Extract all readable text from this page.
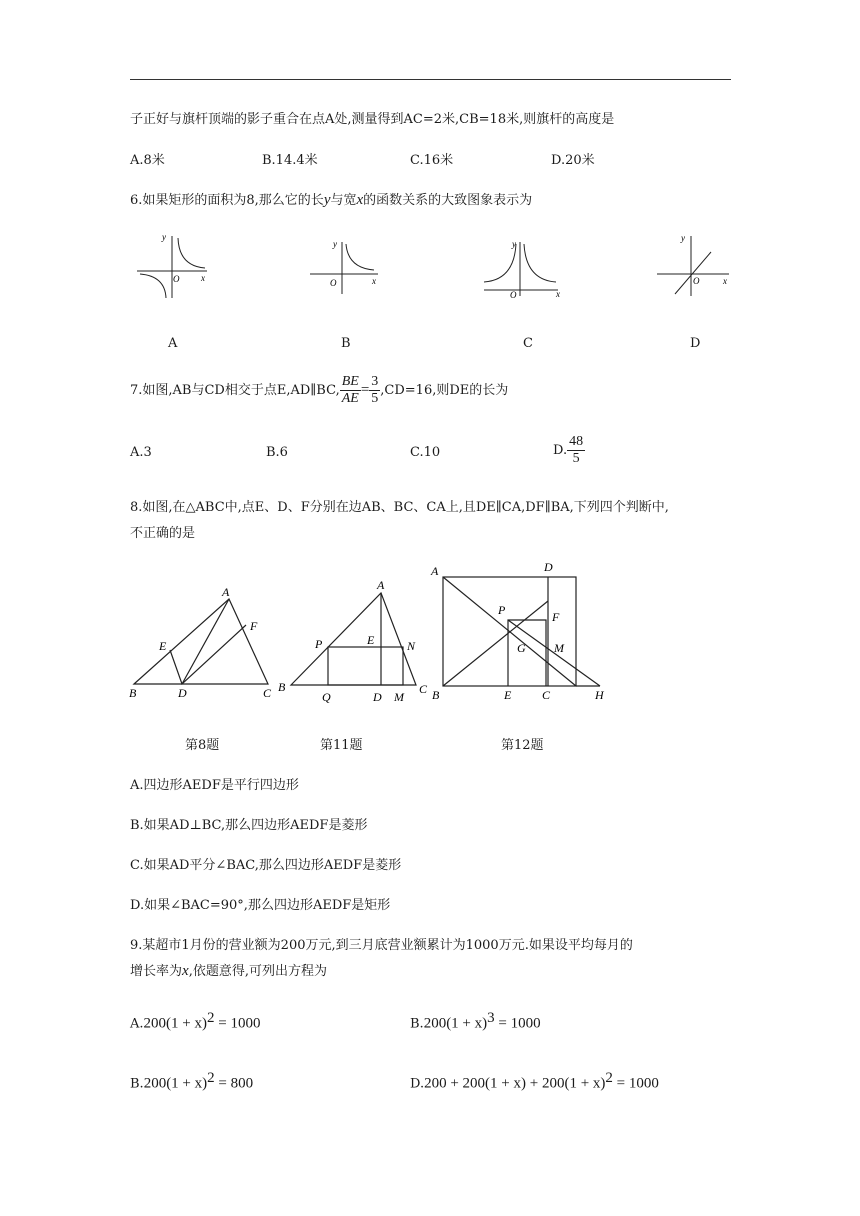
子正好与旗杆顶端的影子重合在点A处,测量得到AC=2米,CB=18米,则旗杆的高度是
A.8米	B.14.4米	C.16米	D.20米
6.如果矩形的面积为8,那么它的长y与宽x的函数关系的大致图象表示为
y
x
O
A
y
x
O
B
y
x
O
C
y
x
O
D
7.如图,AB与CD相交于点E,AD∥BC, $\frac{BE}{AE} = \frac{3}{5} ,CD=16$,则DE的长为
A.3	B.6	C.10	D. $\frac{48}{5}$
8.如图,在△ABC中,点E、D、F分别在边AB、BC、CA上,且DE∥CA,DF∥BA,下列四个判断中,
不正确的是
A
E
F
B	D	C
A
P	E	N
B
Q	D M
C
A	D
P	F
G M
B	E	C	H
第8题	第11题	第12题
A.四边形AEDF是平行四边形
B.如果AD⊥BC,那么四边形AEDF是菱形
C.如果AD平分∠BAC,那么四边形AEDF是菱形
D.如果∠BAC=90°,那么四边形AEDF是矩形
9.某超市1月份的营业额为200万元,到三月底营业额累计为1000万元.如果设平均每月的
增长率为x,依题意得,可列出方程为
$A.200(1 + x)^2 = 1000$	$B.200(1 + x)^3 = 1000$
$B.200(1 + x)^2 = 800$	$D.200 + 200(1 + x) + 200(1 + x)^2 = 1000$
